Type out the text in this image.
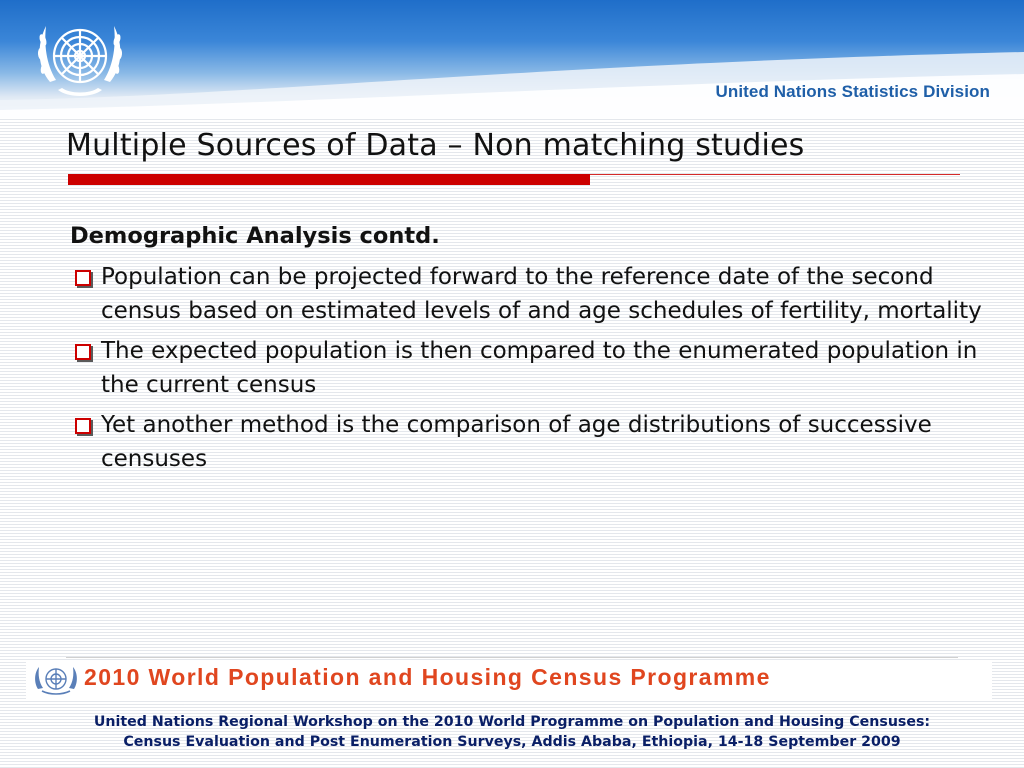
United Nations Statistics Division
Multiple Sources of Data – Non matching studies
Demographic Analysis contd.
Population can be projected forward to the reference date of the second census based on estimated levels of and age schedules of fertility, mortality
The expected population is then compared to the enumerated population in the current census
Yet another method is the comparison of age distributions of successive censuses
2010 World Population and Housing Census Programme
United Nations Regional Workshop on the 2010 World Programme on Population and Housing Censuses:
Census Evaluation and Post Enumeration Surveys, Addis Ababa, Ethiopia, 14-18 September 2009
